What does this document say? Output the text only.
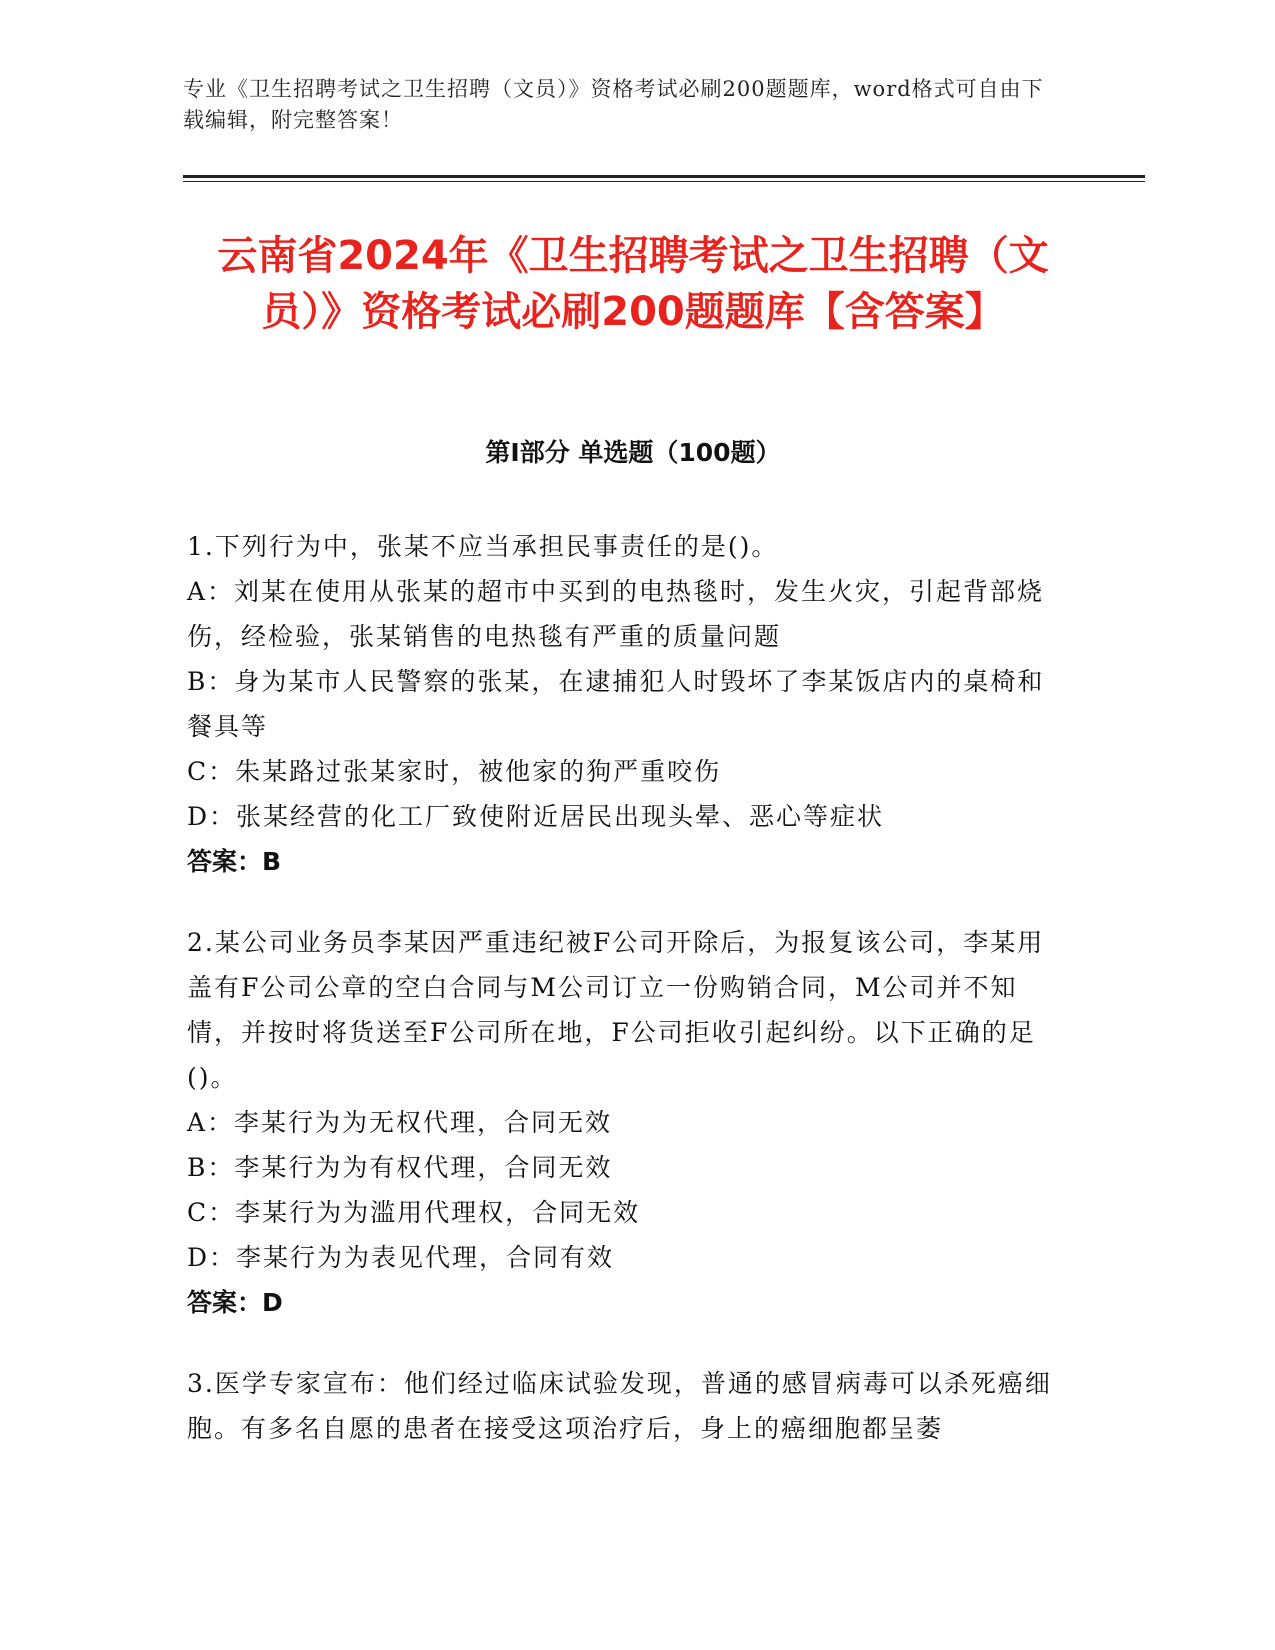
专业《卫生招聘考试之卫生招聘（文员）》资格考试必刷200题题库，word格式可自由下载编辑，附完整答案！
云南省2024年《卫生招聘考试之卫生招聘（文员）》资格考试必刷200题题库【含答案】
第I部分 单选题（100题）

1.下列行为中，张某不应当承担民事责任的是()。

A：刘某在使用从张某的超市中买到的电热毯时，发生火灾，引起背部烧伤，经检验，张某销售的电热毯有严重的质量问题

B：身为某市人民警察的张某，在逮捕犯人时毁坏了李某饭店内的桌椅和餐具等

C：朱某路过张某家时，被他家的狗严重咬伤

D：张某经营的化工厂致使附近居民出现头晕、恶心等症状

答案：B

2.某公司业务员李某因严重违纪被F公司开除后，为报复该公司，李某用盖有F公司公章的空白合同与M公司订立一份购销合同，M公司并不知情，并按时将货送至F公司所在地，F公司拒收引起纠纷。以下正确的足()。

A：李某行为为无权代理，合同无效

B：李某行为为有权代理，合同无效

C：李某行为为滥用代理权，合同无效

D：李某行为为表见代理，合同有效

答案：D

3.医学专家宣布：他们经过临床试验发现，普通的感冒病毒可以杀死癌细胞。有多名自愿的患者在接受这项治疗后，身上的癌细胞都呈萎
